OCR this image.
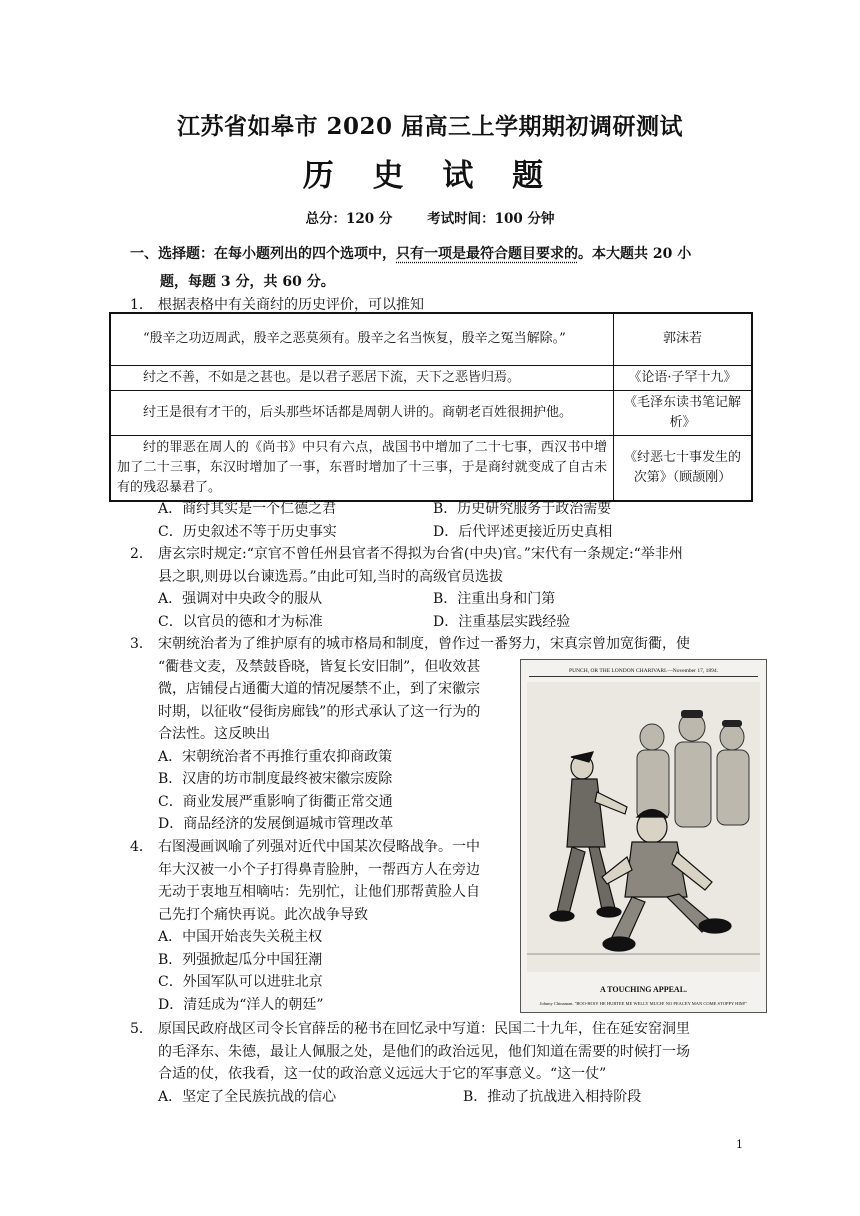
江苏省如皋市 2020 届高三上学期期初调研测试
历 史 试 题
总分：120 分	考试时间：100 分钟
一、选择题：在每小题列出的四个选项中，只有一项是最符合题目要求的。本大题共 20 小
题，每题 3 分，共 60 分。
1． 根据表格中有关商纣的历史评价，可以推知

“殷辛之功迈周武，殷辛之恶莫须有。殷辛之名当恢复，殷辛之冤当解除。”	郭沫若
纣之不善，不如是之甚也。是以君子恶居下流，天下之恶皆归焉。	《论语·子罕十九》
纣王是很有才干的，后头那些坏话都是周朝人讲的。商朝老百姓很拥护他。	《毛泽东读书笔记解析》
纣的罪恶在周人的《尚书》中只有六点，战国书中增加了二十七事，西汉书中增加了二十三事，东汉时增加了一事，东晋时增加了十三事，于是商纣就变成了自古未有的残忍暴君了。	《纣恶七十事发生的次第》（顾颉刚）
A．商纣其实是一个仁德之君	B．历史研究服务于政治需要
C．历史叙述不等于历史事实	D．后代评述更接近历史真相
2． 唐玄宗时规定:“京官不曾任州县官者不得拟为台省(中央)官。”宋代有一条规定:“举非州

县之职,则毋以台谏选焉。”由此可知,当时的高级官员选拔

A．强调对中央政令的服从	B．注重出身和门第
C．以官员的德和才为标准	D．注重基层实践经验
3． 宋朝统治者为了维护原有的城市格局和制度，曾作过一番努力，宋真宗曾加宽街衢，使

“衢巷文麦，及禁鼓昏晓，皆复长安旧制”，但收效甚

微，店铺侵占通衢大道的情况屡禁不止，到了宋徽宗

时期，以征收“侵街房廊钱”的形式承认了这一行为的

合法性。这反映出

A．宋朝统治者不再推行重农抑商政策
B．汉唐的坊市制度最终被宋徽宗废除
C．商业发展严重影响了街衢正常交通
D．商品经济的发展倒逼城市管理改革
4． 右图漫画讽喻了列强对近代中国某次侵略战争。一中

年大汉被一小个子打得鼻青脸肿，一帮西方人在旁边

无动于衷地互相嘀咕：先别忙，让他们那帮黄脸人自

己先打个痛快再说。此次战争导致

A．中国开始丧失关税主权
B．列强掀起瓜分中国狂潮
C．外国军队可以进驻北京
D．清廷成为“洋人的朝廷”
PUNCH, OR THE LONDON CHARIVARI.—November 17, 1894.
A TOUCHING APPEAL.
Johnny Chinaman. "BOO-HOO! HE HURTEE ME WELLY MUCH! NO PEACEY MAN COME STOPPY HIM!"
5． 原国民政府战区司令长官薛岳的秘书在回忆录中写道：民国二十九年，住在延安窑洞里

的毛泽东、朱德，最让人佩服之处，是他们的政治远见，他们知道在需要的时候打一场

合适的仗，依我看，这一仗的政治意义远远大于它的军事意义。“这一仗”

A．坚定了全民族抗战的信心	B．推动了抗战进入相持阶段
1
